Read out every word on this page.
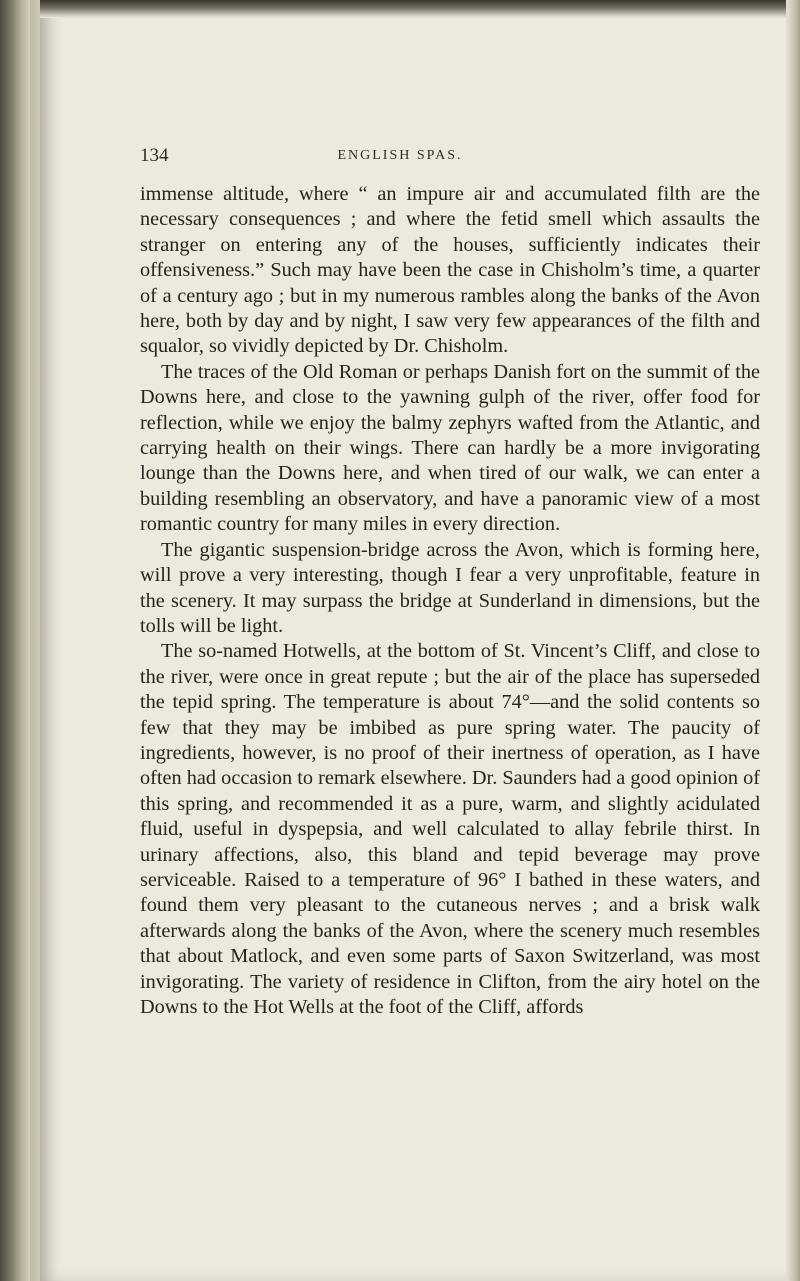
134	ENGLISH SPAS.

immense altitude, where “ an impure air and accumulated filth are the necessary consequences ; and where the fetid smell which assaults the stranger on entering any of the houses, sufficiently indicates their offensiveness.” Such may have been the case in Chisholm’s time, a quarter of a century ago ; but in my numerous rambles along the banks of the Avon here, both by day and by night, I saw very few appearances of the filth and squalor, so vividly depicted by Dr. Chisholm.

The traces of the Old Roman or perhaps Danish fort on the summit of the Downs here, and close to the yawning gulph of the river, offer food for reflection, while we enjoy the balmy zephyrs wafted from the Atlantic, and carrying health on their wings. There can hardly be a more invigorating lounge than the Downs here, and when tired of our walk, we can enter a building resembling an observatory, and have a panoramic view of a most romantic country for many miles in every direction.

The gigantic suspension-bridge across the Avon, which is forming here, will prove a very interesting, though I fear a very unprofitable, feature in the scenery. It may surpass the bridge at Sunderland in dimensions, but the tolls will be light.

The so-named Hotwells, at the bottom of St. Vincent’s Cliff, and close to the river, were once in great repute ; but the air of the place has superseded the tepid spring. The temperature is about 74°—and the solid contents so few that they may be imbibed as pure spring water. The paucity of ingredients, however, is no proof of their inertness of operation, as I have often had occasion to remark elsewhere. Dr. Saunders had a good opinion of this spring, and recommended it as a pure, warm, and slightly acidulated fluid, useful in dyspepsia, and well calculated to allay febrile thirst. In urinary affections, also, this bland and tepid beverage may prove serviceable. Raised to a temperature of 96° I bathed in these waters, and found them very pleasant to the cutaneous nerves ; and a brisk walk afterwards along the banks of the Avon, where the scenery much resembles that about Matlock, and even some parts of Saxon Switzerland, was most invigorating. The variety of residence in Clifton, from the airy hotel on the Downs to the Hot Wells at the foot of the Cliff, affords
